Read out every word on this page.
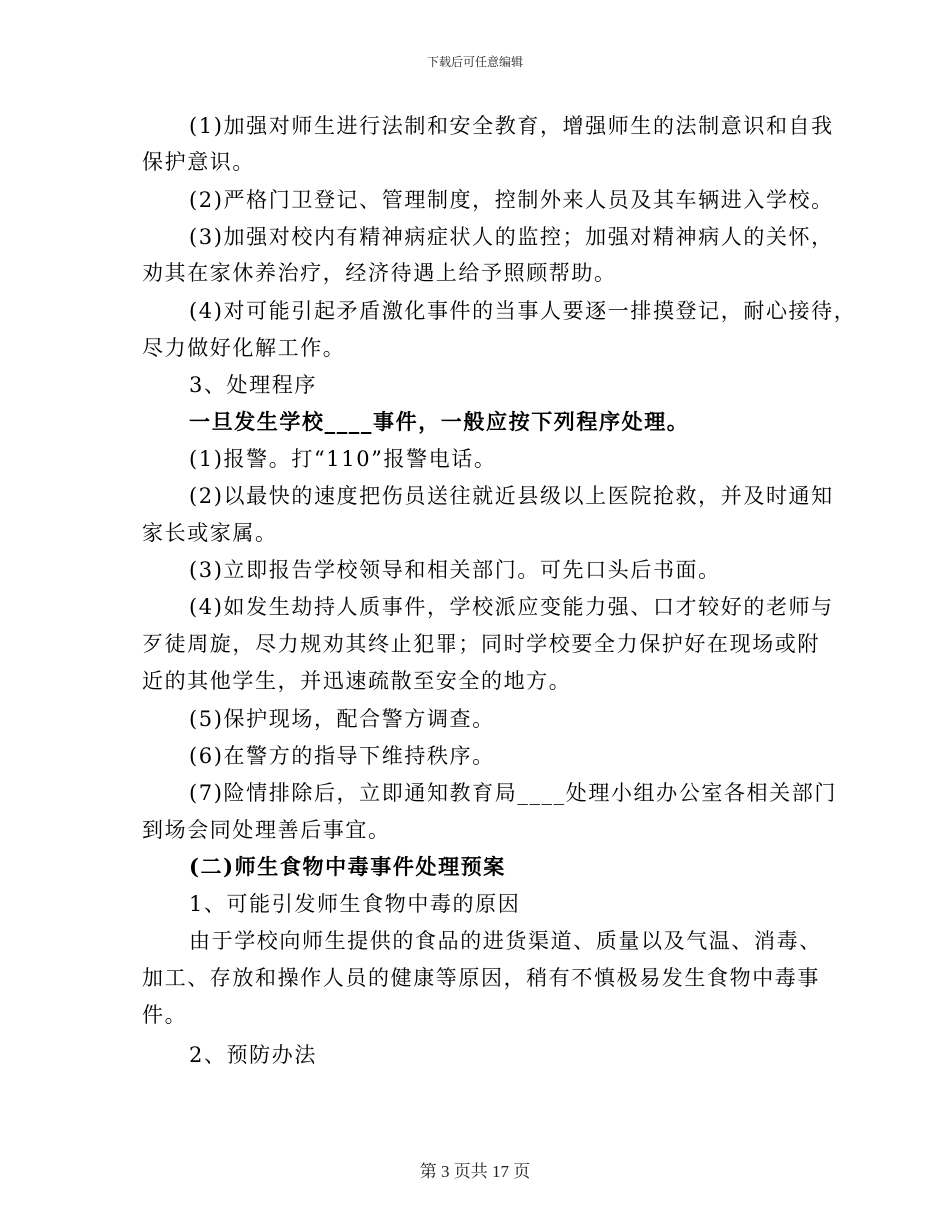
下载后可任意编辑
(1)加强对师生进行法制和安全教育，增强师生的法制意识和自我
保护意识。
(2)严格门卫登记、管理制度，控制外来人员及其车辆进入学校。
(3)加强对校内有精神病症状人的监控；加强对精神病人的关怀，
劝其在家休养治疗，经济待遇上给予照顾帮助。
(4)对可能引起矛盾激化事件的当事人要逐一排摸登记，耐心接待，
尽力做好化解工作。
3、处理程序
一旦发生学校____事件，一般应按下列程序处理。
(1)报警。打“110”报警电话。
(2)以最快的速度把伤员送往就近县级以上医院抢救，并及时通知
家长或家属。
(3)立即报告学校领导和相关部门。可先口头后书面。
(4)如发生劫持人质事件，学校派应变能力强、口才较好的老师与
歹徒周旋，尽力规劝其终止犯罪；同时学校要全力保护好在现场或附
近的其他学生，并迅速疏散至安全的地方。
(5)保护现场，配合警方调查。
(6)在警方的指导下维持秩序。
(7)险情排除后，立即通知教育局____处理小组办公室各相关部门
到场会同处理善后事宜。
(二)师生食物中毒事件处理预案
1、可能引发师生食物中毒的原因
由于学校向师生提供的食品的进货渠道、质量以及气温、消毒、
加工、存放和操作人员的健康等原因，稍有不慎极易发生食物中毒事
件。
2、预防办法
第 3 页共 17 页
